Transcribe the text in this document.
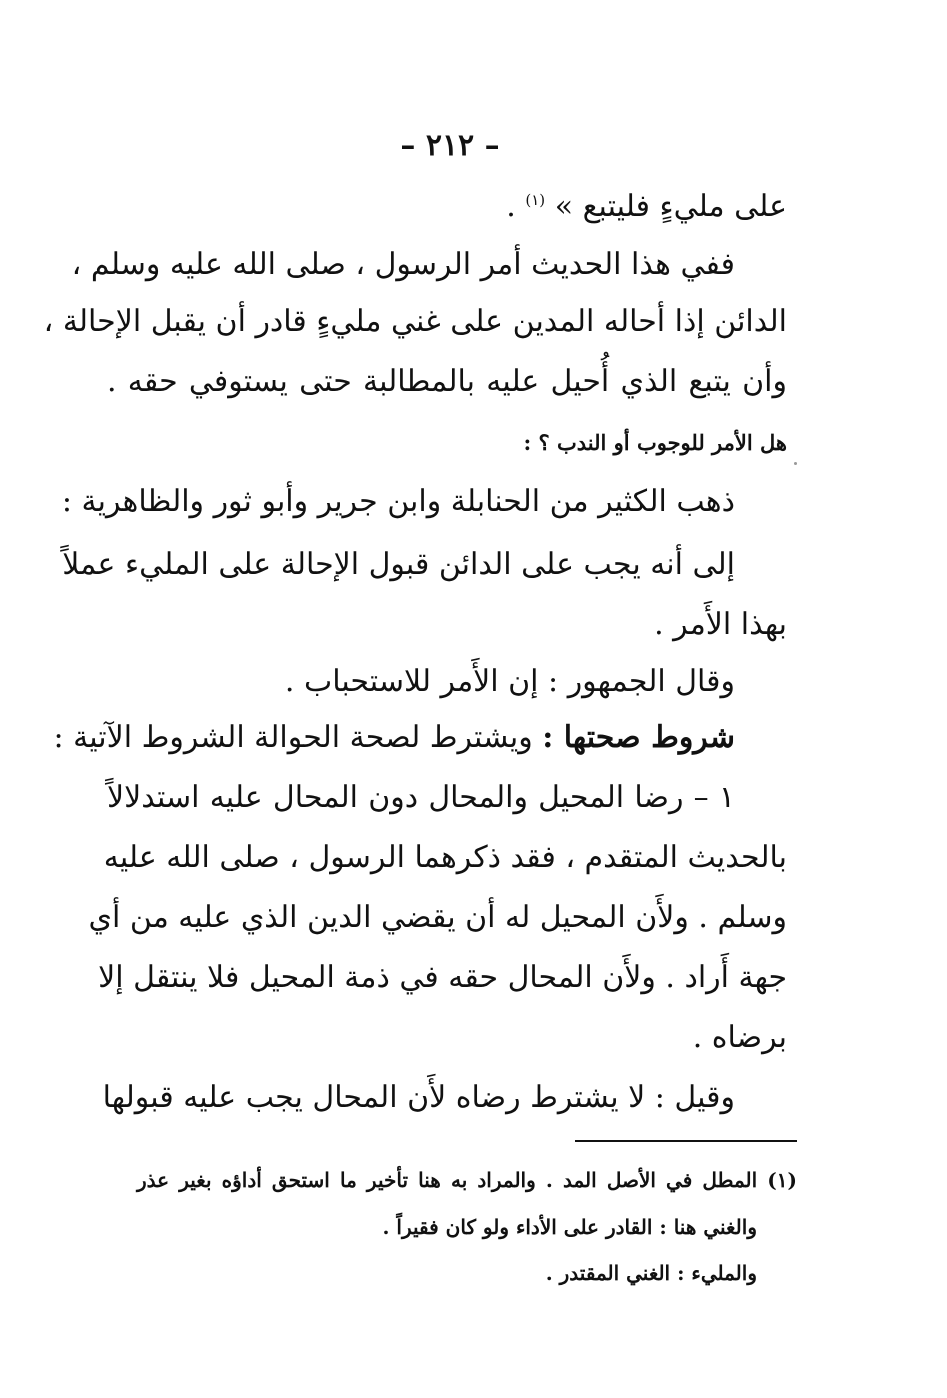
– ٢١٢ –
على مليءٍ فليتبع » $^{(١)}$ .
ففي هذا الحديث أمر الرسول ، صلى الله عليه وسلم ،
الدائن إذا أحاله المدين على غني مليءٍ قادر أن يقبل الإحالة ،
وأن يتبع الذي أُحيل عليه بالمطالبة حتى يستوفي حقه .
هل الأمر للوجوب أو الندب ؟ :
ذهب الكثير من الحنابلة وابن جرير وأبو ثور والظاهرية :
إلى أنه يجب على الدائن قبول الإحالة على المليء عملاً
بهذا الأَمر .
وقال الجمهور : إن الأَمر للاستحباب .
شروط صحتها : ويشترط لصحة الحوالة الشروط الآتية :
١ – رضا المحيل والمحال دون المحال عليه استدلالاً
بالحديث المتقدم ، فقد ذكرهما الرسول ، صلى الله عليه
وسلم . ولأَن المحيل له أن يقضي الدين الذي عليه من أي
جهة أَراد . ولأَن المحال حقه في ذمة المحيل فلا ينتقل إلا
برضاه .
وقيل : لا يشترط رضاه لأَن المحال يجب عليه قبولها
(١) المطل في الأصل المد . والمراد به هنا تأخير ما استحق أداؤه بغير عذر
والغني هنا : القادر على الأداء ولو كان فقيراً .
والمليء : الغني المقتدر .
